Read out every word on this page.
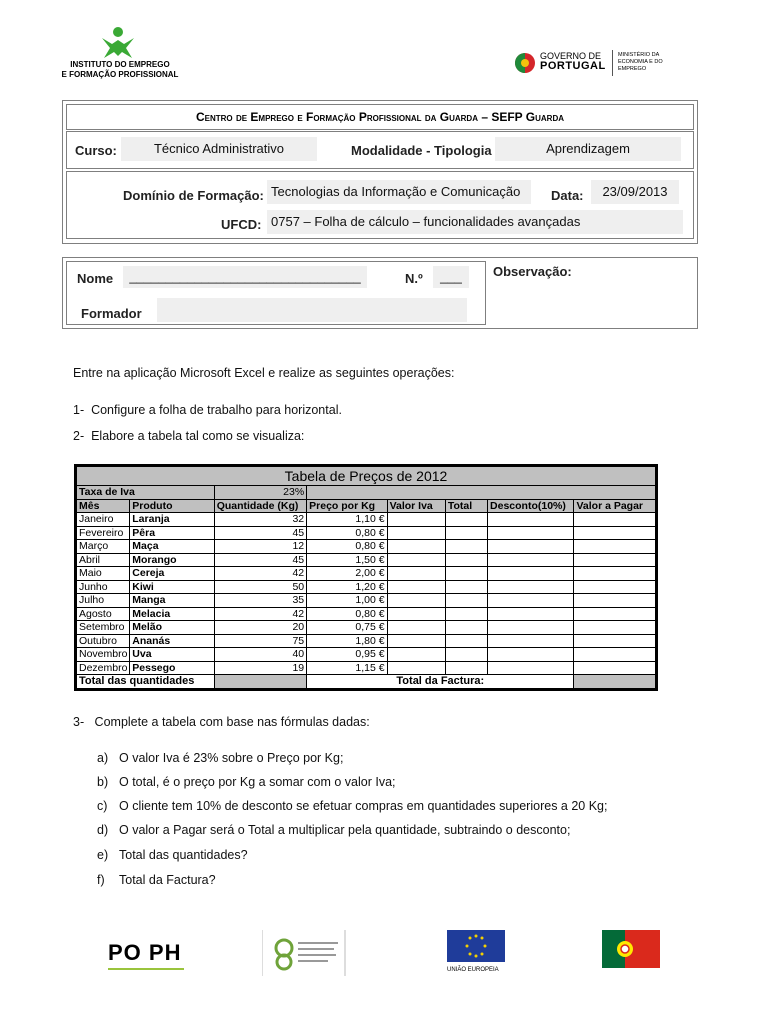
INSTITUTO DO EMPREGO
E FORMAÇÃO PROFISSIONAL
GOVERNO DE
PORTUGAL
MINISTÉRIO DA ECONOMIA E DO EMPREGO
Centro de Emprego e Formação Profissional da Guarda – SEFP Guarda
Curso:	Técnico Administrativo	Modalidade - Tipologia	Aprendizagem
Domínio de Formação: Tecnologias da Informação e Comunicação	Data:	23/09/2013
UFCD: 0757 – Folha de cálculo – funcionalidades avançadas
Nome	________________________________	N.º	___
Formador
Observação:
Entre na aplicação Microsoft Excel e realize as seguintes operações:
1- Configure a folha de trabalho para horizontal.
2- Elabore a tabela tal como se visualiza:
Tabela de Preços de 2012							
Taxa de Iva		23%					
Mês	Produto	Quantidade (Kg)	Preço por Kg	Valor Iva	Total	Desconto(10%)	Valor a Pagar
Janeiro	Laranja	32	1,10 €				
Fevereiro	Pêra	45	0,80 €				
Março	Maça	12	0,80 €				
Abril	Morango	45	1,50 €				
Maio	Cereja	42	2,00 €				
Junho	Kiwi	50	1,20 €				
Julho	Manga	35	1,00 €				
Agosto	Melacia	42	0,80 €				
Setembro	Melão	20	0,75 €				
Outubro	Ananás	75	1,80 €				
Novembro	Uva	40	0,95 €				
Dezembro	Pessego	19	1,15 €				
Total das quantidades			Total da Factura:				
3- Complete a tabela com base nas fórmulas dadas:
a) O valor Iva é 23% sobre o Preço por Kg;
b) O total, é o preço por Kg a somar com o valor Iva;
c) O cliente tem 10% de desconto se efetuar compras em quantidades superiores a 20 Kg;
d) O valor a Pagar será o Total a multiplicar pela quantidade, subtraindo o desconto;
e) Total das quantidades?
f) Total da Factura?
PO PH
UNIÃO EUROPEIA
